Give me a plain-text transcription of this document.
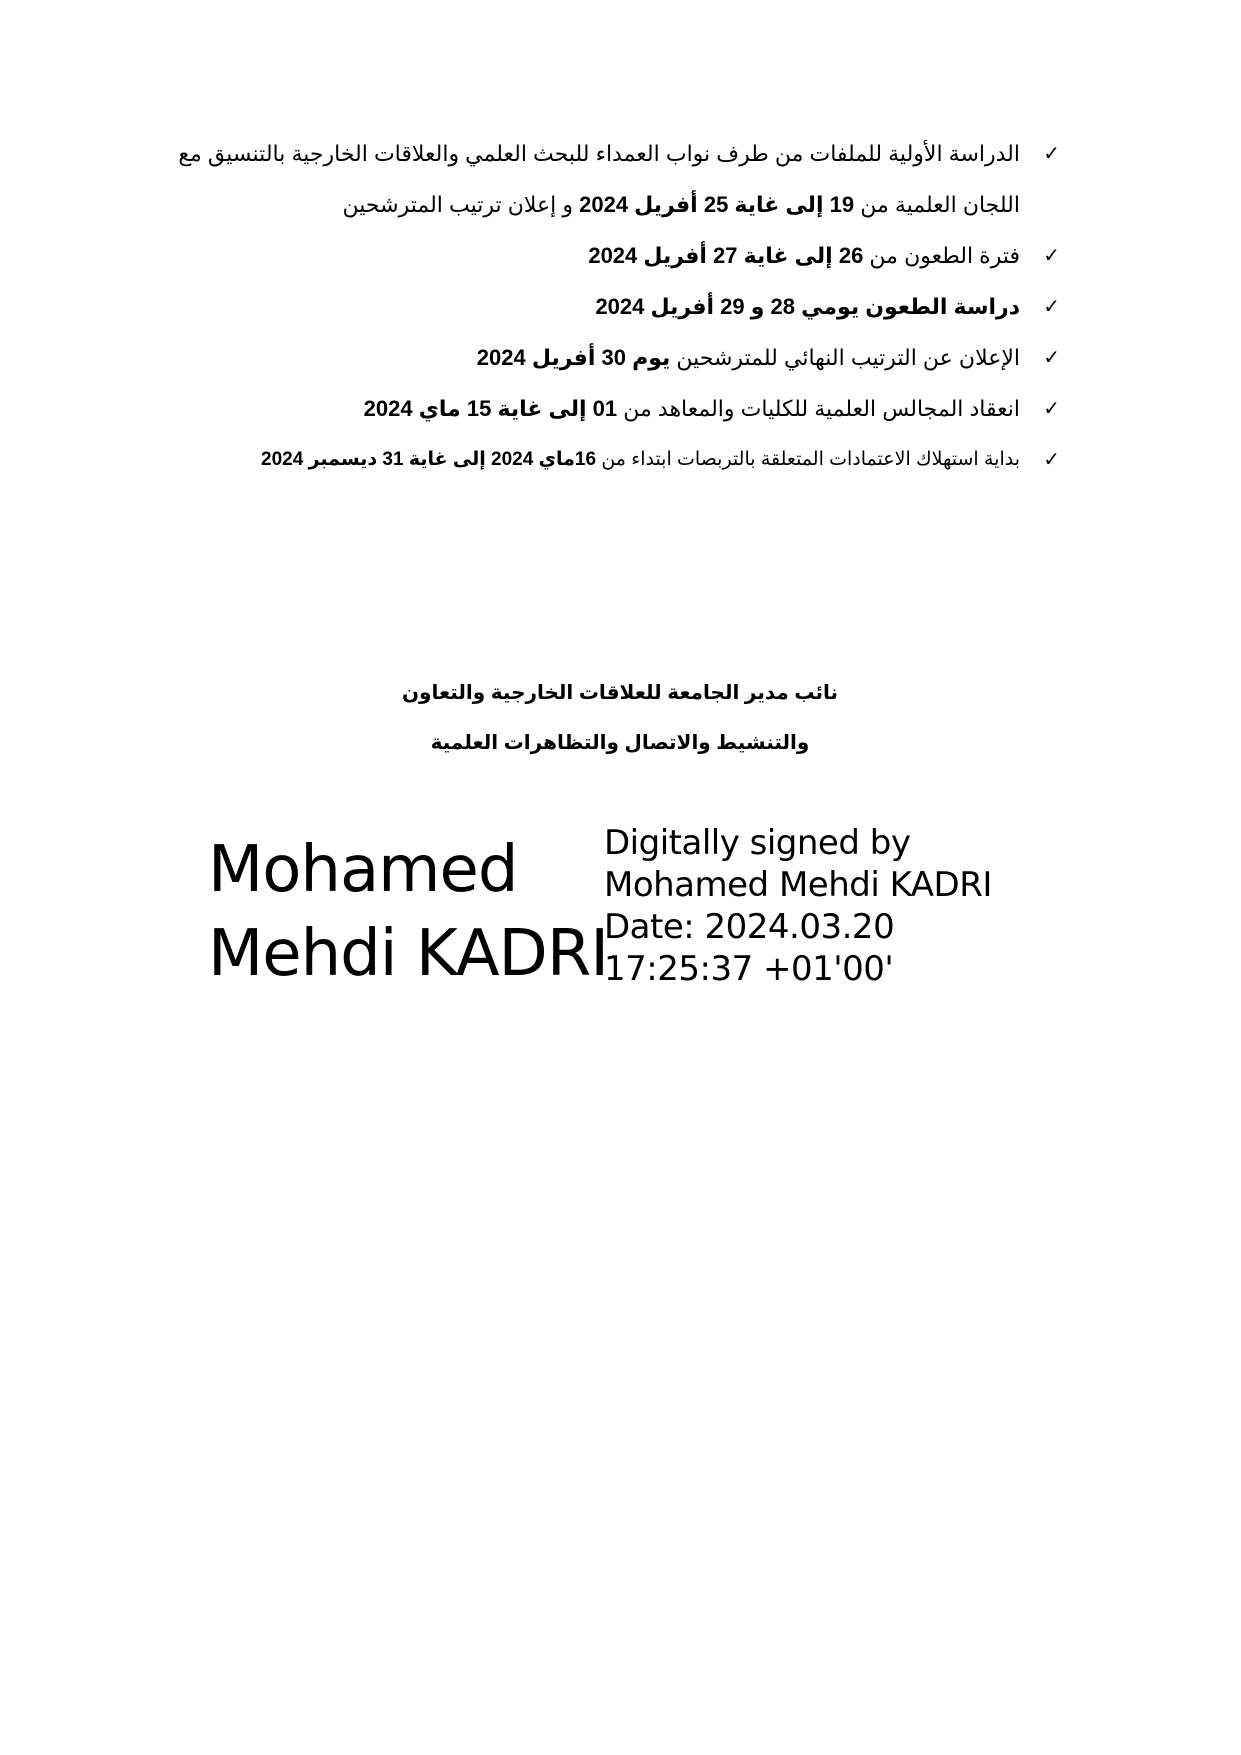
✓
الدراسة الأولية للملفات من طرف نواب العمداء للبحث العلمي والعلاقات الخارجية بالتنسيق مع
اللجان العلمية من 19 إلى غاية 25 أفريل 2024 و إعلان ترتيب المترشحين
✓
فترة الطعون من 26 إلى غاية 27 أفريل 2024
✓
دراسة الطعون يومي 28 و 29 أفريل 2024
✓
الإعلان عن الترتيب النهائي للمترشحين يوم 30 أفريل 2024
✓
انعقاد المجالس العلمية للكليات والمعاهد من 01 إلى غاية 15 ماي 2024
✓
بداية استهلاك الاعتمادات المتعلقة بالتربصات ابتداء من 16ماي 2024 إلى غاية 31 ديسمبر 2024
نائب مدير الجامعة للعلاقات الخارجية والتعاون
والتنشيط والاتصال والتظاهرات العلمية
Mohamed
Mehdi KADRI
Digitally signed by
Mohamed Mehdi KADRI
Date: 2024.03.20
17:25:37 +01'00'
